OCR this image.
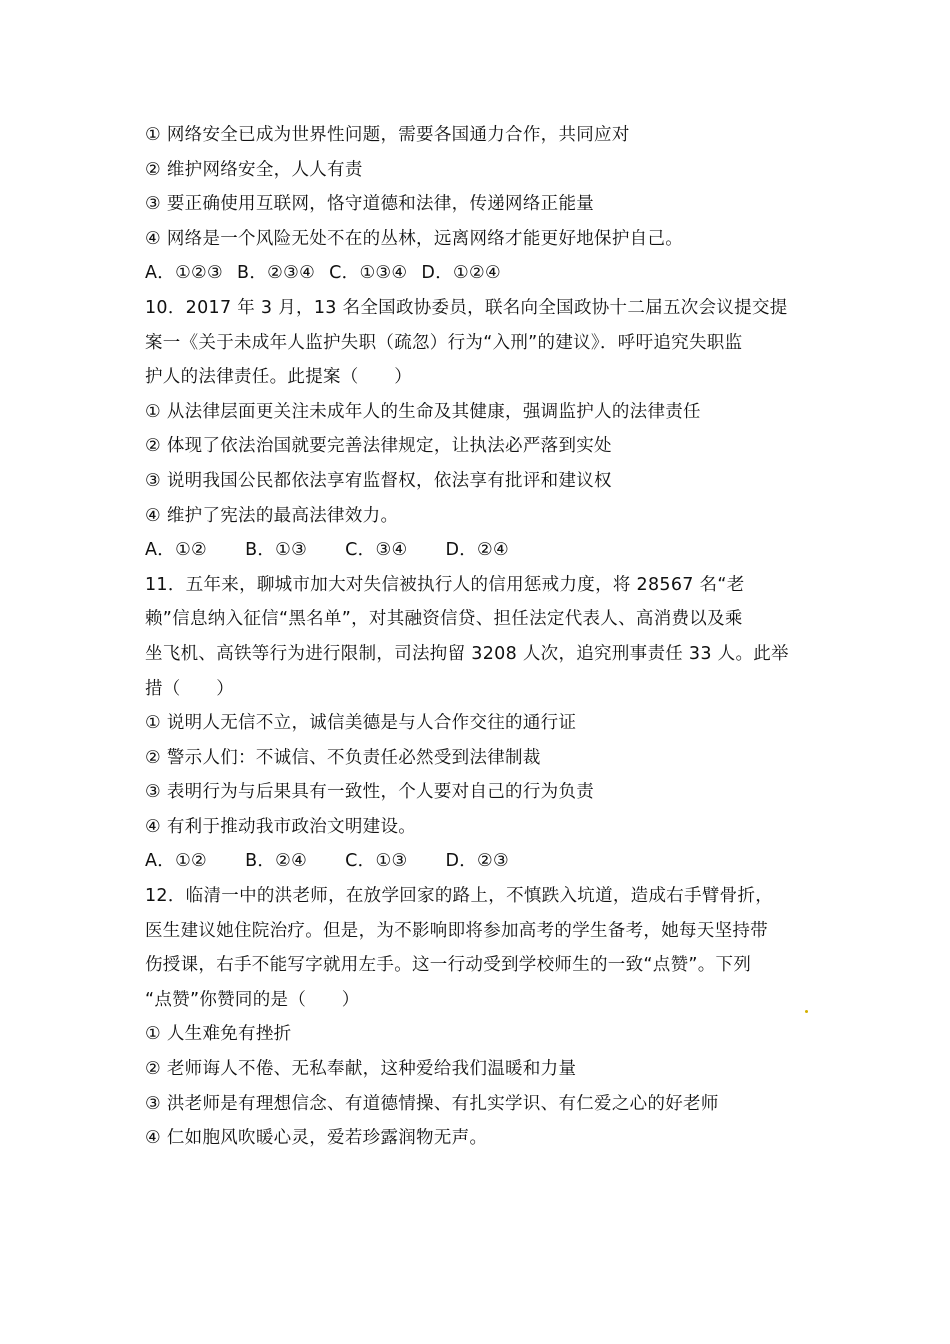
① 网络安全已成为世界性问题，需要各国通力合作，共同应对
② 维护网络安全，人人有责
③ 要正确使用互联网，恪守道德和法律，传递网络正能量
④ 网络是一个风险无处不在的丛林，远离网络才能更好地保护自己。
A．①②③ B．②③④ C．①③④ D．①②④
10．2017 年 3 月，13 名全国政协委员，联名向全国政协十二届五次会议提交提
案一《关于未成年人监护失职（疏忽）行为“入刑”的建议》．呼吁追究失职监
护人的法律责任。此提案（　　）
① 从法律层面更关注未成年人的生命及其健康，强调监护人的法律责任
② 体现了依法治国就要完善法律规定，让执法必严落到实处
③ 说明我国公民都依法享宥监督权，依法享有批评和建议权
④ 维护了宪法的最高法律效力。
A．①② B．①③ C．③④ D．②④
11．五年来，聊城市加大对失信被执行人的信用惩戒力度，将 28567 名“老
赖”信息纳入征信“黑名单”，对其融资信贷、担任法定代表人、高消费以及乘
坐飞机、高铁等行为进行限制，司法拘留 3208 人次，追究刑事责任 33 人。此举
措（　　）
① 说明人无信不立，诚信美德是与人合作交往的通行证
② 警示人们：不诚信、不负责任必然受到法律制裁
③ 表明行为与后果具有一致性，个人要对自己的行为负责
④ 有利于推动我市政治文明建设。
A．①② B．②④ C．①③ D．②③
12．临清一中的洪老师，在放学回家的路上，不慎跌入坑道，造成右手臂骨折，
医生建议她住院治疗。但是，为不影响即将参加高考的学生备考，她每天坚持带
伤授课，右手不能写字就用左手。这一行动受到学校师生的一致“点赞”。下列
“点赞”你赞同的是（　　）
① 人生难免有挫折
② 老师诲人不倦、无私奉献，这种爱给我们温暖和力量
③ 洪老师是有理想信念、有道德情操、有扎实学识、有仁爱之心的好老师
④ 仁如胞风吹暖心灵，爱若珍露润物无声。
